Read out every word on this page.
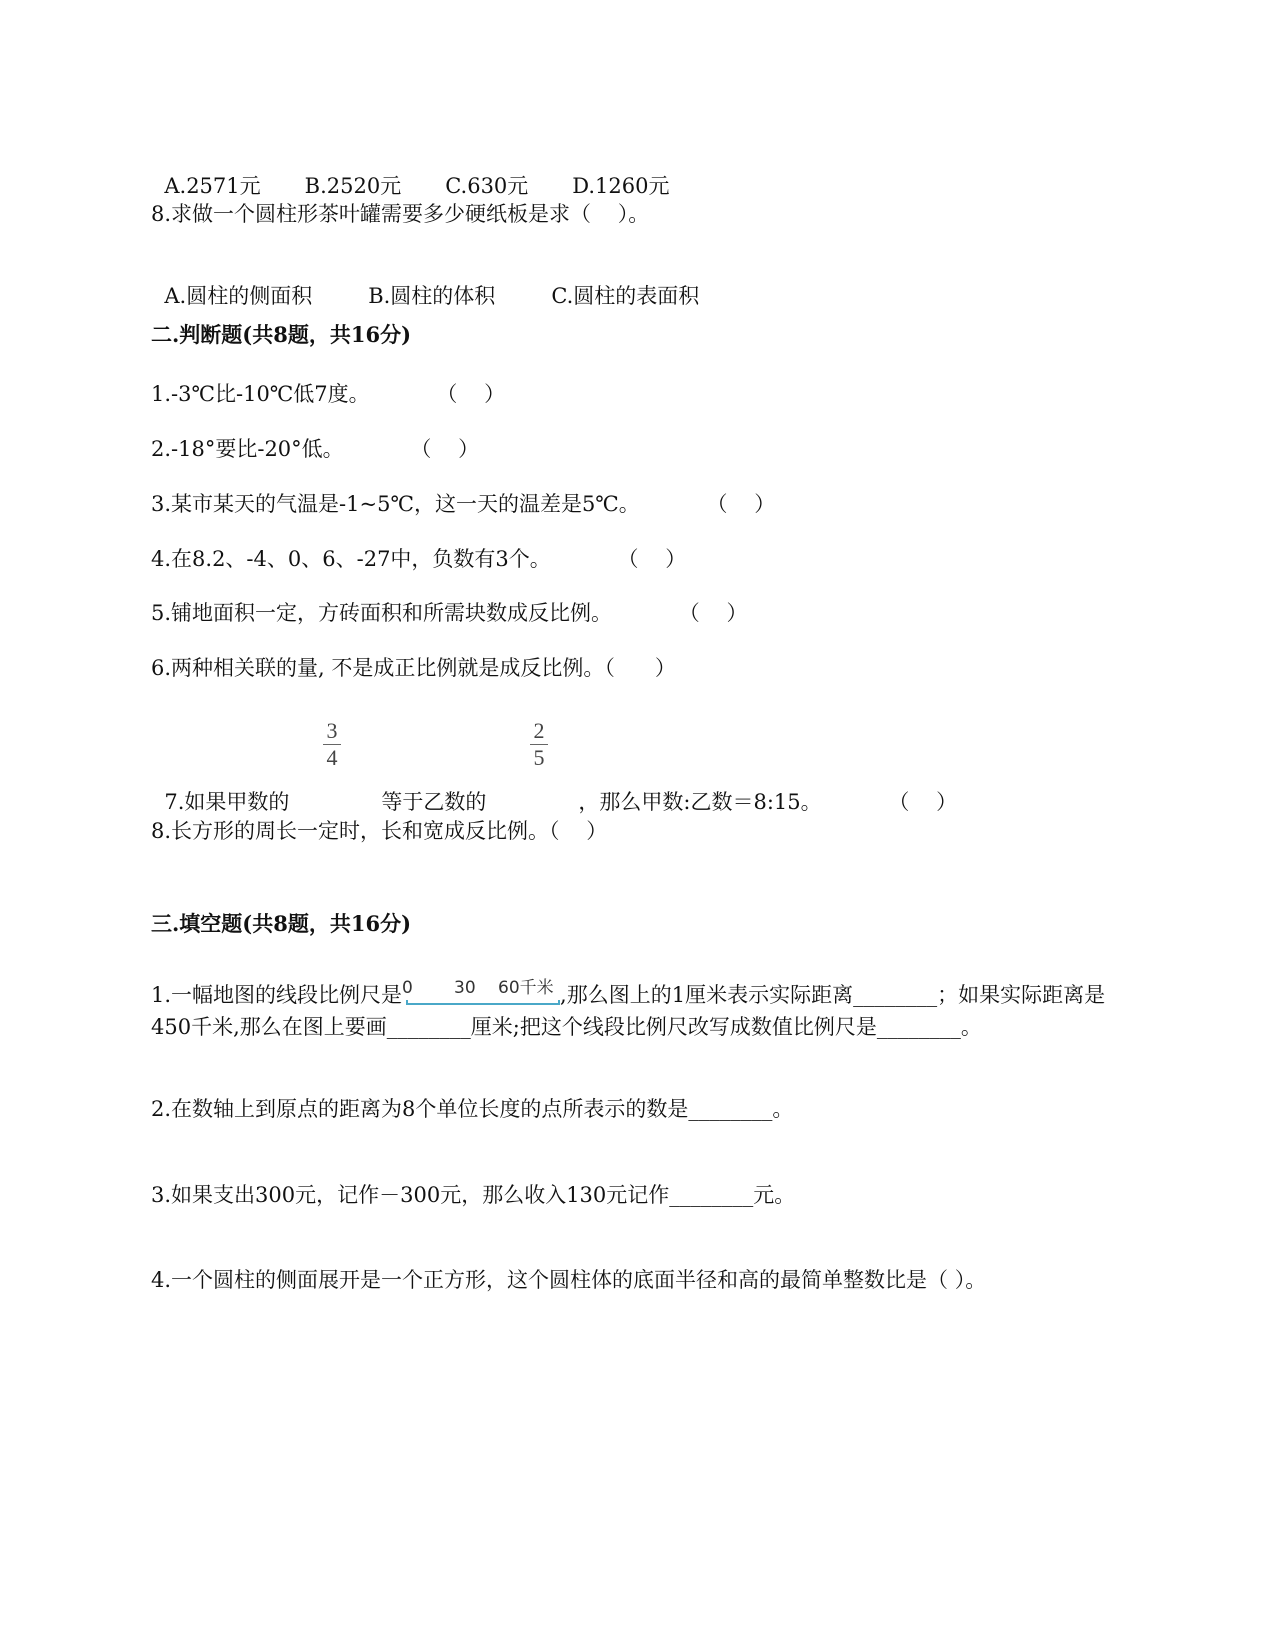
A.2571元 B.2520元 C.630元 D.1260元

8.求做一个圆柱形茶叶罐需要多少硬纸板是求（    ）。

A.圆柱的侧面积	B.圆柱的体积	C.圆柱的表面积

二.判断题(共8题，共16分)
1.-3℃比-10℃低7度。          （    ）
2.-18°要比-20°低。          （    ）
3.某市某天的气温是-1~5℃，这一天的温差是5℃。          （    ）
4.在8.2、-4、0、6、-27中，负数有3个。          （    ）
5.铺地面积一定，方砖面积和所需块数成反比例。          （    ）
6.两种相关联的量, 不是成正比例就是成反比例。（      ）

7.如果甲数的	等于乙数的	，那么甲数:乙数＝8:15。          （    ）

3
4
2
5
8.长方形的周长一定时，长和宽成反比例。（    ）
三.填空题(共8题，共16分)
1.一幅地图的线段比例尺是 0 30 60千米 ,那么图上的1厘米表示实际距离________；如果实际距离是450千米,那么在图上要画________厘米;把这个线段比例尺改写成数值比例尺是________。
2.在数轴上到原点的距离为8个单位长度的点所表示的数是________。
3.如果支出300元，记作－300元，那么收入130元记作________元。
4.一个圆柱的侧面展开是一个正方形，这个圆柱体的底面半径和高的最简单整数比是（ ）。
